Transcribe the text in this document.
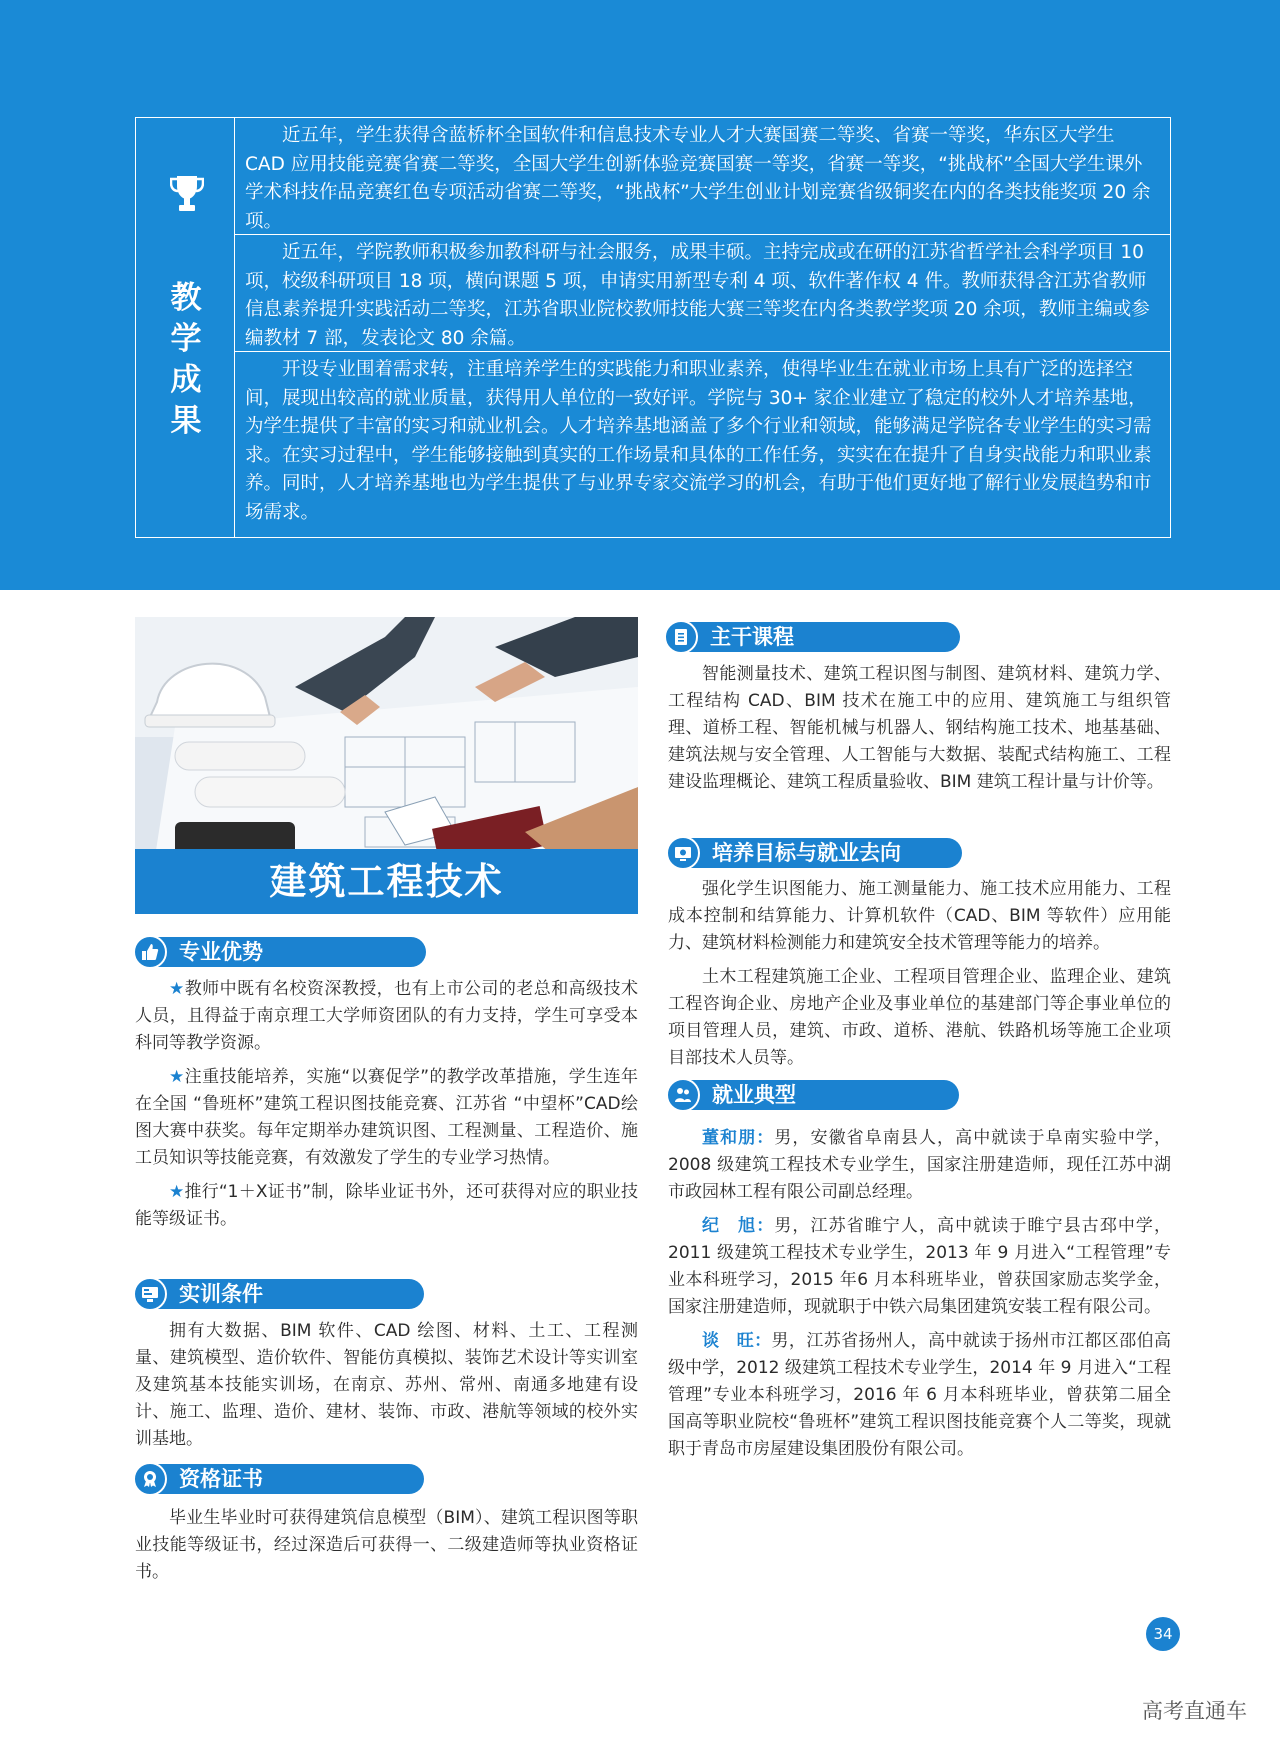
教
学
成
果
近五年，学生获得含蓝桥杯全国软件和信息技术专业人才大赛国赛二等奖、省赛一等奖，华东区大学生 CAD 应用技能竞赛省赛二等奖，全国大学生创新体验竞赛国赛一等奖，省赛一等奖，“挑战杯”全国大学生课外学术科技作品竞赛红色专项活动省赛二等奖，“挑战杯”大学生创业计划竞赛省级铜奖在内的各类技能奖项 20 余项。
近五年，学院教师积极参加教科研与社会服务，成果丰硕。主持完成或在研的江苏省哲学社会科学项目 10 项，校级科研项目 18 项，横向课题 5 项，申请实用新型专利 4 项、软件著作权 4 件。教师获得含江苏省教师信息素养提升实践活动二等奖，江苏省职业院校教师技能大赛三等奖在内各类教学奖项 20 余项，教师主编或参编教材 7 部，发表论文 80 余篇。
开设专业围着需求转，注重培养学生的实践能力和职业素养，使得毕业生在就业市场上具有广泛的选择空间，展现出较高的就业质量，获得用人单位的一致好评。学院与 30+ 家企业建立了稳定的校外人才培养基地，为学生提供了丰富的实习和就业机会。人才培养基地涵盖了多个行业和领域，能够满足学院各专业学生的实习需求。在实习过程中，学生能够接触到真实的工作场景和具体的工作任务，实实在在提升了自身实战能力和职业素养。同时，人才培养基地也为学生提供了与业界专家交流学习的机会，有助于他们更好地了解行业发展趋势和市场需求。
建筑工程技术
专业优势

★教师中既有名校资深教授，也有上市公司的老总和高级技术人员，且得益于南京理工大学师资团队的有力支持，学生可享受本科同等教学资源。

★注重技能培养，实施“以赛促学”的教学改革措施，学生连年在全国 “鲁班杯”建筑工程识图技能竞赛、江苏省 “中望杯”CAD绘图大赛中获奖。每年定期举办建筑识图、工程测量、工程造价、施工员知识等技能竞赛，有效激发了学生的专业学习热情。

★推行“1＋X证书”制，除毕业证书外，还可获得对应的职业技能等级证书。

实训条件
拥有大数据、BIM 软件、CAD 绘图、材料、土工、工程测量、建筑模型、造价软件、智能仿真模拟、装饰艺术设计等实训室及建筑基本技能实训场，在南京、苏州、常州、南通多地建有设计、施工、监理、造价、建材、装饰、市政、港航等领域的校外实训基地。
资格证书
毕业生毕业时可获得建筑信息模型（BIM）、建筑工程识图等职业技能等级证书，经过深造后可获得一、二级建造师等执业资格证书。
主干课程
智能测量技术、建筑工程识图与制图、建筑材料、建筑力学、工程结构 CAD、BIM 技术在施工中的应用、建筑施工与组织管理、道桥工程、智能机械与机器人、钢结构施工技术、地基基础、建筑法规与安全管理、人工智能与大数据、装配式结构施工、工程建设监理概论、建筑工程质量验收、BIM 建筑工程计量与计价等。
培养目标与就业去向

强化学生识图能力、施工测量能力、施工技术应用能力、工程成本控制和结算能力、计算机软件（CAD、BIM 等软件）应用能力、建筑材料检测能力和建筑安全技术管理等能力的培养。

土木工程建筑施工企业、工程项目管理企业、监理企业、建筑工程咨询企业、房地产企业及事业单位的基建部门等企事业单位的项目管理人员，建筑、市政、道桥、港航、铁路机场等施工企业项目部技术人员等。

就业典型

董和朋：男，安徽省阜南县人，高中就读于阜南实验中学，2008 级建筑工程技术专业学生，国家注册建造师，现任江苏中湖市政园林工程有限公司副总经理。

纪　旭：男，江苏省睢宁人，高中就读于睢宁县古邳中学，2011 级建筑工程技术专业学生，2013 年 9 月进入“工程管理”专业本科班学习，2015 年6 月本科班毕业，曾获国家励志奖学金，国家注册建造师，现就职于中铁六局集团建筑安装工程有限公司。

谈　旺：男，江苏省扬州人，高中就读于扬州市江都区邵伯高级中学，2012 级建筑工程技术专业学生，2014 年 9 月进入“工程管理”专业本科班学习，2016 年 6 月本科班毕业，曾获第二届全国高等职业院校“鲁班杯”建筑工程识图技能竞赛个人二等奖，现就职于青岛市房屋建设集团股份有限公司。

34
高考直通车
